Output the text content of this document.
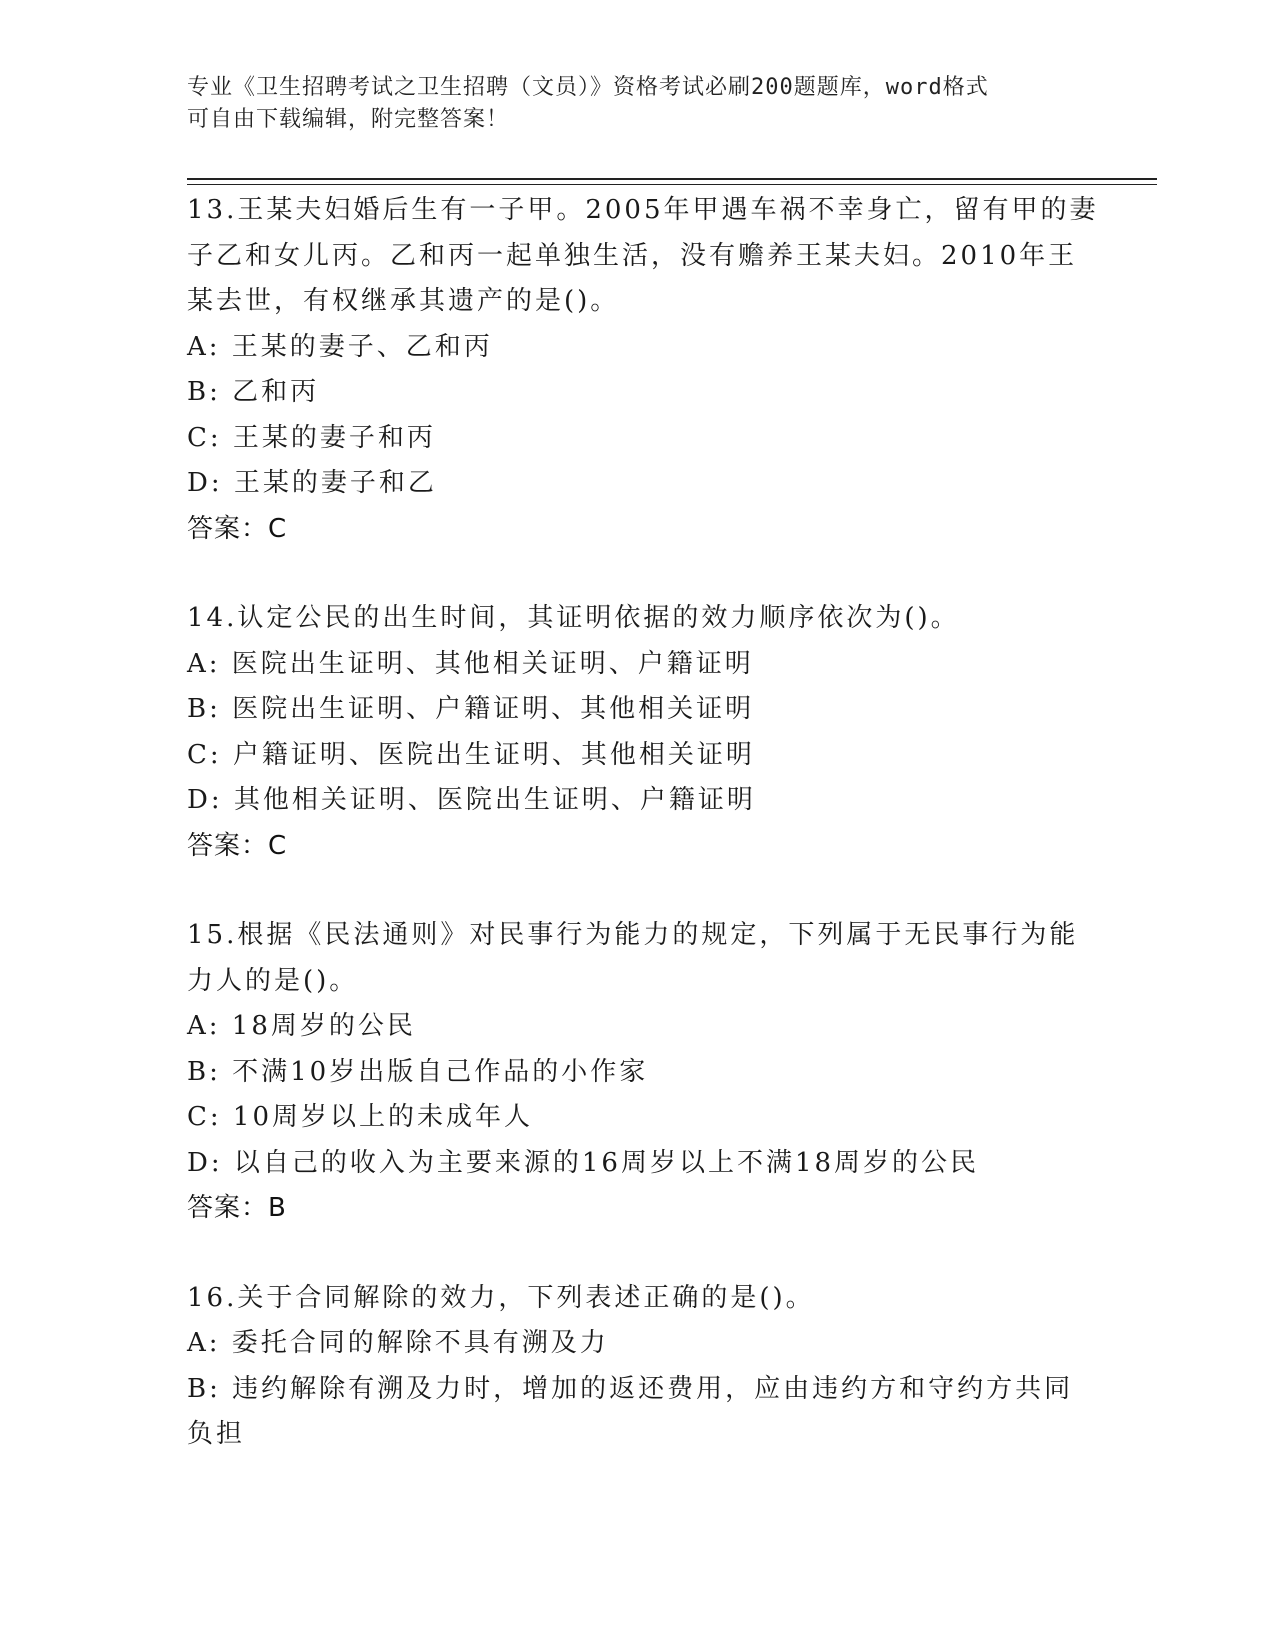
专业《卫生招聘考试之卫生招聘（文员）》资格考试必刷200题题库，word格式
可自由下载编辑，附完整答案！
13.王某夫妇婚后生有一子甲。2005年甲遇车祸不幸身亡，留有甲的妻
子乙和女儿丙。乙和丙一起单独生活，没有赡养王某夫妇。2010年王
某去世，有权继承其遗产的是()。
A: 王某的妻子、乙和丙
B: 乙和丙
C: 王某的妻子和丙
D: 王某的妻子和乙
答案：C
14.认定公民的出生时间，其证明依据的效力顺序依次为()。
A: 医院出生证明、其他相关证明、户籍证明
B: 医院出生证明、户籍证明、其他相关证明
C: 户籍证明、医院出生证明、其他相关证明
D: 其他相关证明、医院出生证明、户籍证明
答案：C
15.根据《民法通则》对民事行为能力的规定，下列属于无民事行为能
力人的是()。
A: 18周岁的公民
B: 不满10岁出版自己作品的小作家
C: 10周岁以上的未成年人
D: 以自己的收入为主要来源的16周岁以上不满18周岁的公民
答案：B
16.关于合同解除的效力，下列表述正确的是()。
A: 委托合同的解除不具有溯及力
B: 违约解除有溯及力时，增加的返还费用，应由违约方和守约方共同
负担
